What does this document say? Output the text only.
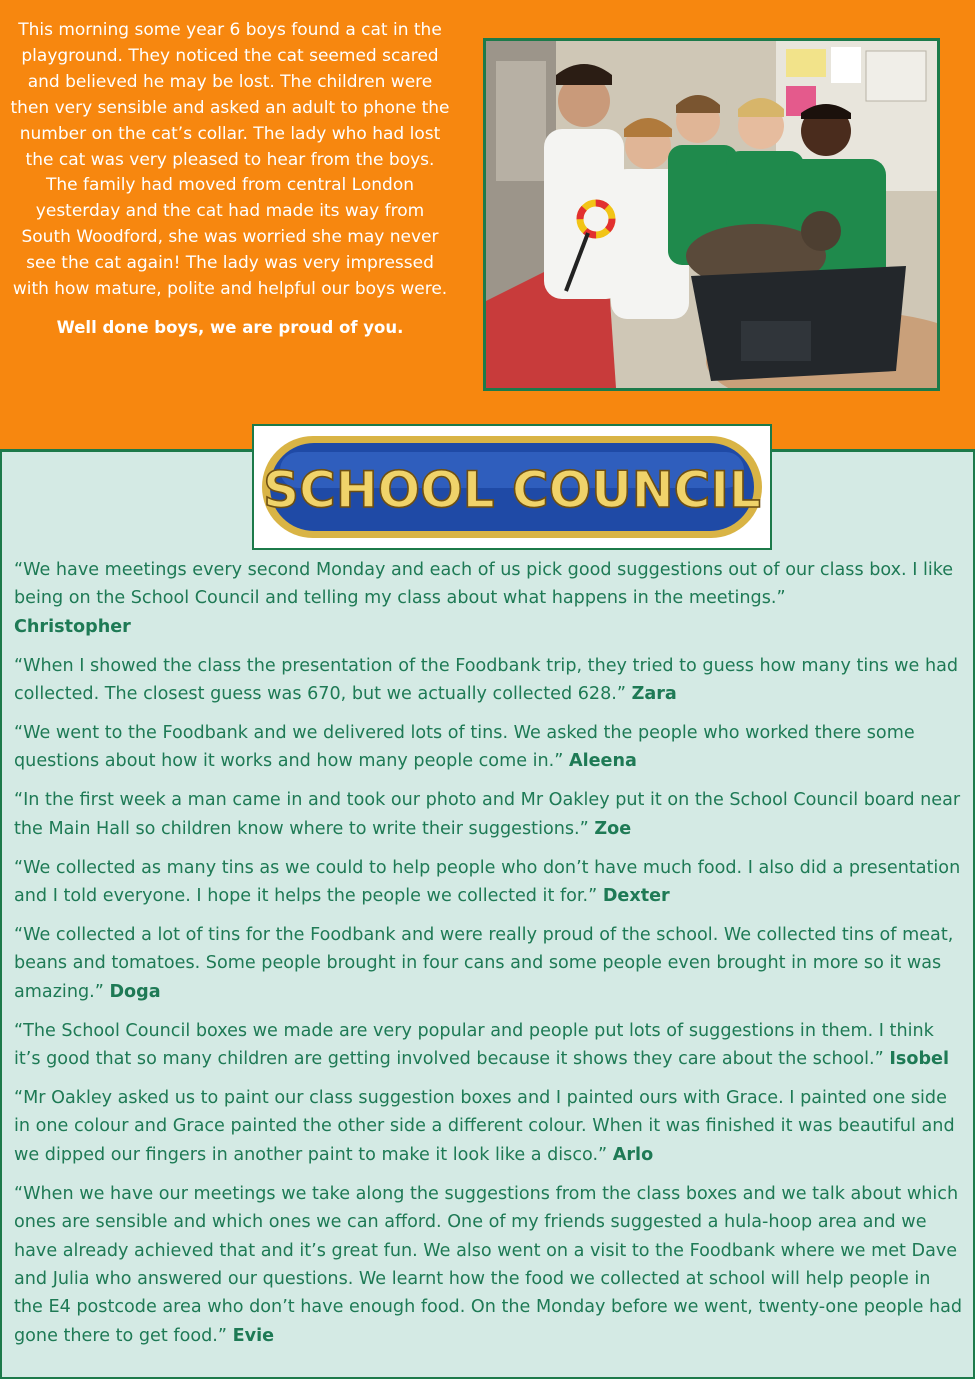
This morning some year 6 boys found a cat in the playground. They noticed the cat seemed scared and believed he may be lost. The children were then very sensible and asked an adult to phone the number on the cat’s collar. The lady who had lost the cat was very pleased to hear from the boys. The family had moved from central London yesterday and the cat had made its way from South Woodford, she was worried she may never see the cat again! The lady was very impressed with how mature, polite and helpful our boys were.

Well done boys, we are proud of you.

SCHOOL COUNCIL

“We have meetings every second Monday and each of us pick good suggestions out of our class box. I like being on the School Council and telling my class about what happens in the meetings.”
Christopher

“When I showed the class the presentation of the Foodbank trip, they tried to guess how many tins we had collected. The closest guess was 670, but we actually collected 628.” Zara

“We went to the Foodbank and we delivered lots of tins. We asked the people who worked there some questions about how it works and how many people come in.” Aleena

“In the first week a man came in and took our photo and Mr Oakley put it on the School Council board near the Main Hall so children know where to write their suggestions.” Zoe

“We collected as many tins as we could to help people who don’t have much food. I also did a presentation and I told everyone. I hope it helps the people we collected it for.” Dexter

“We collected a lot of tins for the Foodbank and were really proud of the school. We collected tins of meat, beans and tomatoes. Some people brought in four cans and some people even brought in more so it was amazing.” Doga

“The School Council boxes we made are very popular and people put lots of suggestions in them. I think it’s good that so many children are getting involved because it shows they care about the school.” Isobel

“Mr Oakley asked us to paint our class suggestion boxes and I painted ours with Grace. I painted one side in one colour and Grace painted the other side a different colour. When it was finished it was beautiful and we dipped our fingers in another paint to make it look like a disco.” Arlo

“When we have our meetings we take along the suggestions from the class boxes and we talk about which ones are sensible and which ones we can afford. One of my friends suggested a hula-hoop area and we have already achieved that and it’s great fun. We also went on a visit to the Foodbank where we met Dave and Julia who answered our questions. We learnt how the food we collected at school will help people in the E4 postcode area who don’t have enough food. On the Monday before we went, twenty-one people had gone there to get food.” Evie
